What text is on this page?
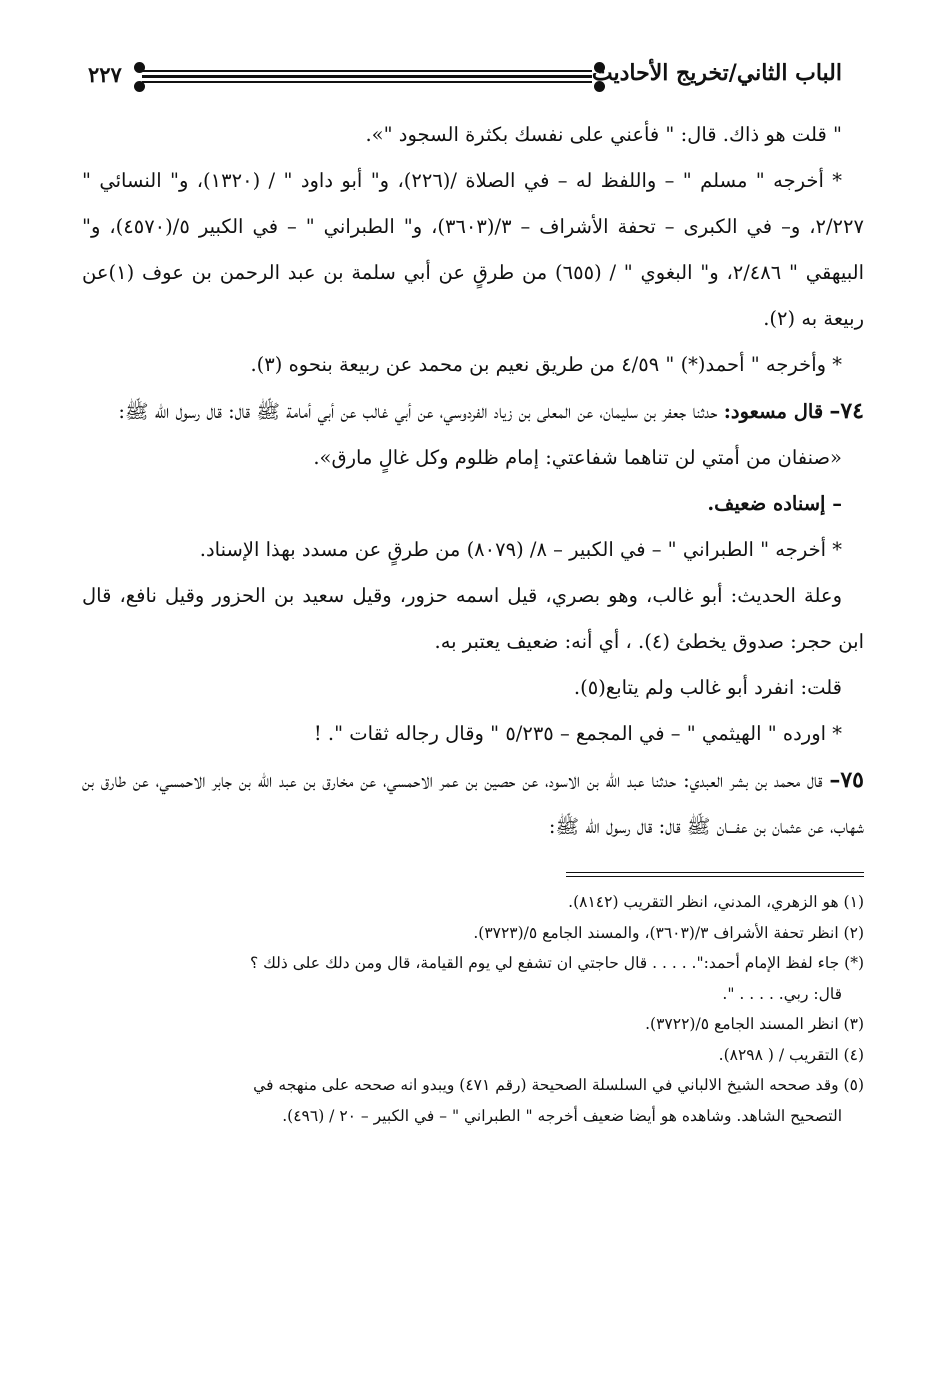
٢٢٧	الباب الثاني/تخريج الأحاديث

" قلت هو ذاك. قال: " فأعني على نفسك بكثرة السجود "».

* أخرجه " مسلم " – واللفظ له – في الصلاة /(٢٢٦)، و" أبو داود " / (١٣٢٠)، و" النسائي " ٢/٢٢٧، و– في الكبرى – تحفة الأشراف – ٣/(٣٦٠٣)، و" الطبراني " – في الكبير ٥/(٤٥٧٠)، و" البيهقي " ٢/٤٨٦، و" البغوي " / (٦٥٥) من طرقٍ عن أبي سلمة بن عبد الرحمن بن عوف (١)عن ربيعة به (٢).

* وأخرجه " أحمد(*) " ٤/٥٩ من طريق نعيم بن محمد عن ربيعة بنحوه (٣).

٧٤– قال مسعود: حدثنا جعفر بن سليمان، عن المعلى بن زياد الفردوسي، عن أبي غالب عن أبي أمامة ﷺ قال: قال رسول الله ﷺ:

«صنفان من أمتي لن تناهما شفاعتي: إمام ظلوم وكل غالٍ مارق».

– إسناده ضعيف.

* أخرجه " الطبراني " – في الكبير – ٨/ (٨٠٧٩) من طرقٍ عن مسدد بهذا الإسناد.

وعلة الحديث: أبو غالب، وهو بصري، قيل اسمه حزور، وقيل سعيد بن الحزور وقيل نافع، قال ابن حجر: صدوق يخطئ (٤). ، أي أنه: ضعيف يعتبر به.

قلت: انفرد أبو غالب ولم يتابع(٥).

* اورده " الهيثمي " – في المجمع – ٥/٢٣٥ " وقال رجاله ثقات ". !

٧٥– قال محمد بن بشر العبدي: حدثنا عبد الله بن الاسود، عن حصين بن عمر الاحمسي، عن مخارق بن عبد الله بن جابر الاحمسي، عن طارق بن شهاب، عن عثمان بن عفـــان ﷺ قال: قال رسول الله ﷺ:

(١) هو الزهري، المدني، انظر التقريب (٨١٤٢).

(٢) انظر تحفة الأشراف ٣/(٣٦٠٣)، والمسند الجامع ٥/(٣٧٢٣).

(*) جاء لفظ الإمام أحمد:". . . . . قال حاجتي ان تشفع لي يوم القيامة، قال ومن دلك على ذلك ؟

قال: ربي. . . . . ".

(٣) انظر المسند الجامع ٥/(٣٧٢٢).

(٤) التقريب / ( ٨٢٩٨).

(٥) وقد صححه الشيخ الالباني في السلسلة الصحيحة (رقم ٤٧١) ويبدو انه صححه على منهجه في

التصحيح الشاهد. وشاهده هو أيضا ضعيف أخرجه " الطبراني " – في الكبير – ٢٠ / (٤٩٦).
